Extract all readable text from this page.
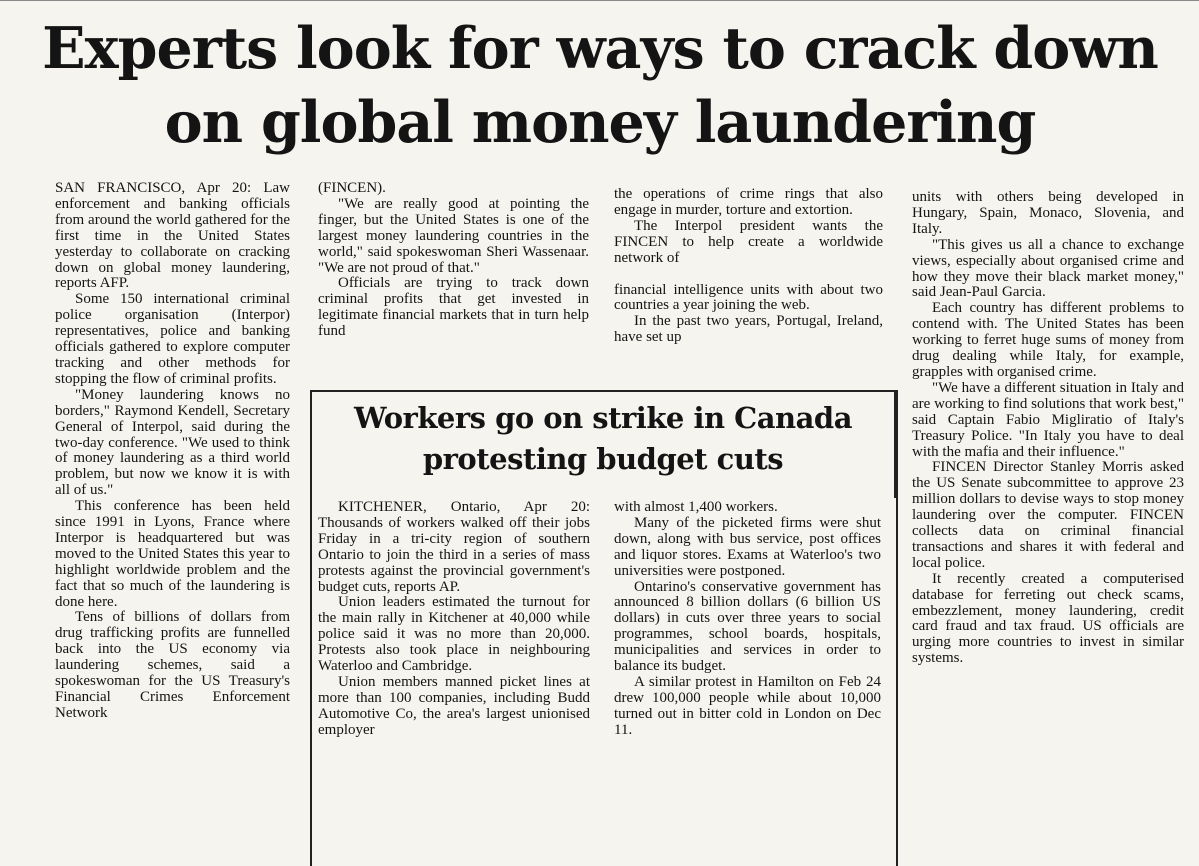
Experts look for ways to crack down on global money laundering

SAN FRANCISCO, Apr 20: Law enforcement and banking officials from around the world gathered for the first time in the United States yesterday to collaborate on cracking down on global money laundering, reports AFP.

Some 150 international criminal police organisation (Interpor) representatives, police and banking officials gathered to explore computer tracking and other methods for stopping the flow of criminal profits.

"Money laundering knows no borders," Raymond Kendell, Secretary General of Interpol, said during the two-day conference. "We used to think of money laundering as a third world problem, but now we know it is with all of us."

This conference has been held since 1991 in Lyons, France where Interpor is headquartered but was moved to the United States this year to highlight worldwide problem and the fact that so much of the laundering is done here.

Tens of billions of dollars from drug trafficking profits are funnelled back into the US economy via laundering schemes, said a spokeswoman for the US Treasury's Financial Crimes Enforcement Network

(FINCEN).

"We are really good at pointing the finger, but the United States is one of the largest money laundering countries in the world," said spokeswoman Sheri Wassenaar. "We are not proud of that."

Officials are trying to track down criminal profits that get invested in legitimate financial markets that in turn help fund

the operations of crime rings that also engage in murder, torture and extortion.

The Interpol president wants the FINCEN to help create a worldwide network of

financial intelligence units with about two countries a year joining the web.

In the past two years, Portugal, Ireland, have set up

units with others being developed in Hungary, Spain, Monaco, Slovenia, and Italy.

"This gives us all a chance to exchange views, especially about organised crime and how they move their black market money," said Jean-Paul Garcia.

Each country has different problems to contend with. The United States has been working to ferret huge sums of money from drug dealing while Italy, for example, grapples with organised crime.

"We have a different situation in Italy and are working to find solutions that work best," said Captain Fabio Migliratio of Italy's Treasury Police. "In Italy you have to deal with the mafia and their influence."

FINCEN Director Stanley Morris asked the US Senate subcommittee to approve 23 million dollars to devise ways to stop money laundering over the computer. FINCEN collects data on criminal financial transactions and shares it with federal and local police.

It recently created a computerised database for ferreting out check scams, embezzlement, money laundering, credit card fraud and tax fraud. US officials are urging more countries to invest in similar systems.

Workers go on strike in Canada protesting budget cuts

KITCHENER, Ontario, Apr 20: Thousands of workers walked off their jobs Friday in a tri-city region of southern Ontario to join the third in a series of mass protests against the provincial government's budget cuts, reports AP.

Union leaders estimated the turnout for the main rally in Kitchener at 40,000 while police said it was no more than 20,000. Protests also took place in neighbouring Waterloo and Cambridge.

Union members manned picket lines at more than 100 companies, including Budd Automotive Co, the area's largest unionised employer

with almost 1,400 workers.

Many of the picketed firms were shut down, along with bus service, post offices and liquor stores. Exams at Waterloo's two universities were postponed.

Ontarino's conservative government has announced 8 billion dollars (6 billion US dollars) in cuts over three years to social programmes, school boards, hospitals, municipalities and services in order to balance its budget.

A similar protest in Hamilton on Feb 24 drew 100,000 people while about 10,000 turned out in bitter cold in London on Dec 11.
